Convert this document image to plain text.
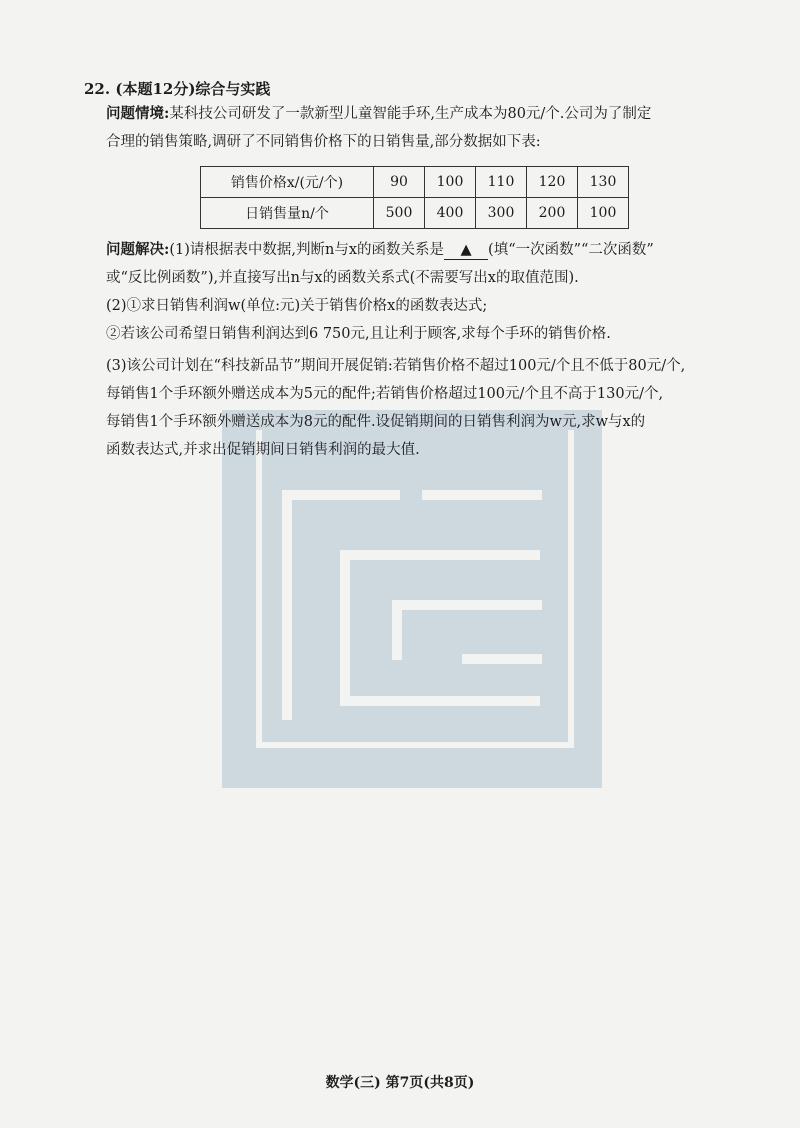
22. (本题12分)综合与实践
问题情境:某科技公司研发了一款新型儿童智能手环,生产成本为80元/个.公司为了制定
合理的销售策略,调研了不同销售价格下的日销售量,部分数据如下表:
销售价格x/(元/个)	90	100	110	120	130
日销售量n/个	500	400	300	200	100
问题解决:(1)请根据表中数据,判断n与x的函数关系是 ▲ (填“一次函数”“二次函数”
或“反比例函数”),并直接写出n与x的函数关系式(不需要写出x的取值范围).
(2)①求日销售利润w(单位:元)关于销售价格x的函数表达式;
②若该公司希望日销售利润达到6 750元,且让利于顾客,求每个手环的销售价格.
(3)该公司计划在“科技新品节”期间开展促销:若销售价格不超过100元/个且不低于80元/个,
每销售1个手环额外赠送成本为5元的配件;若销售价格超过100元/个且不高于130元/个,
每销售1个手环额外赠送成本为8元的配件.设促销期间的日销售利润为w元,求w与x的
函数表达式,并求出促销期间日销售利润的最大值.
数学(三) 第7页(共8页)
